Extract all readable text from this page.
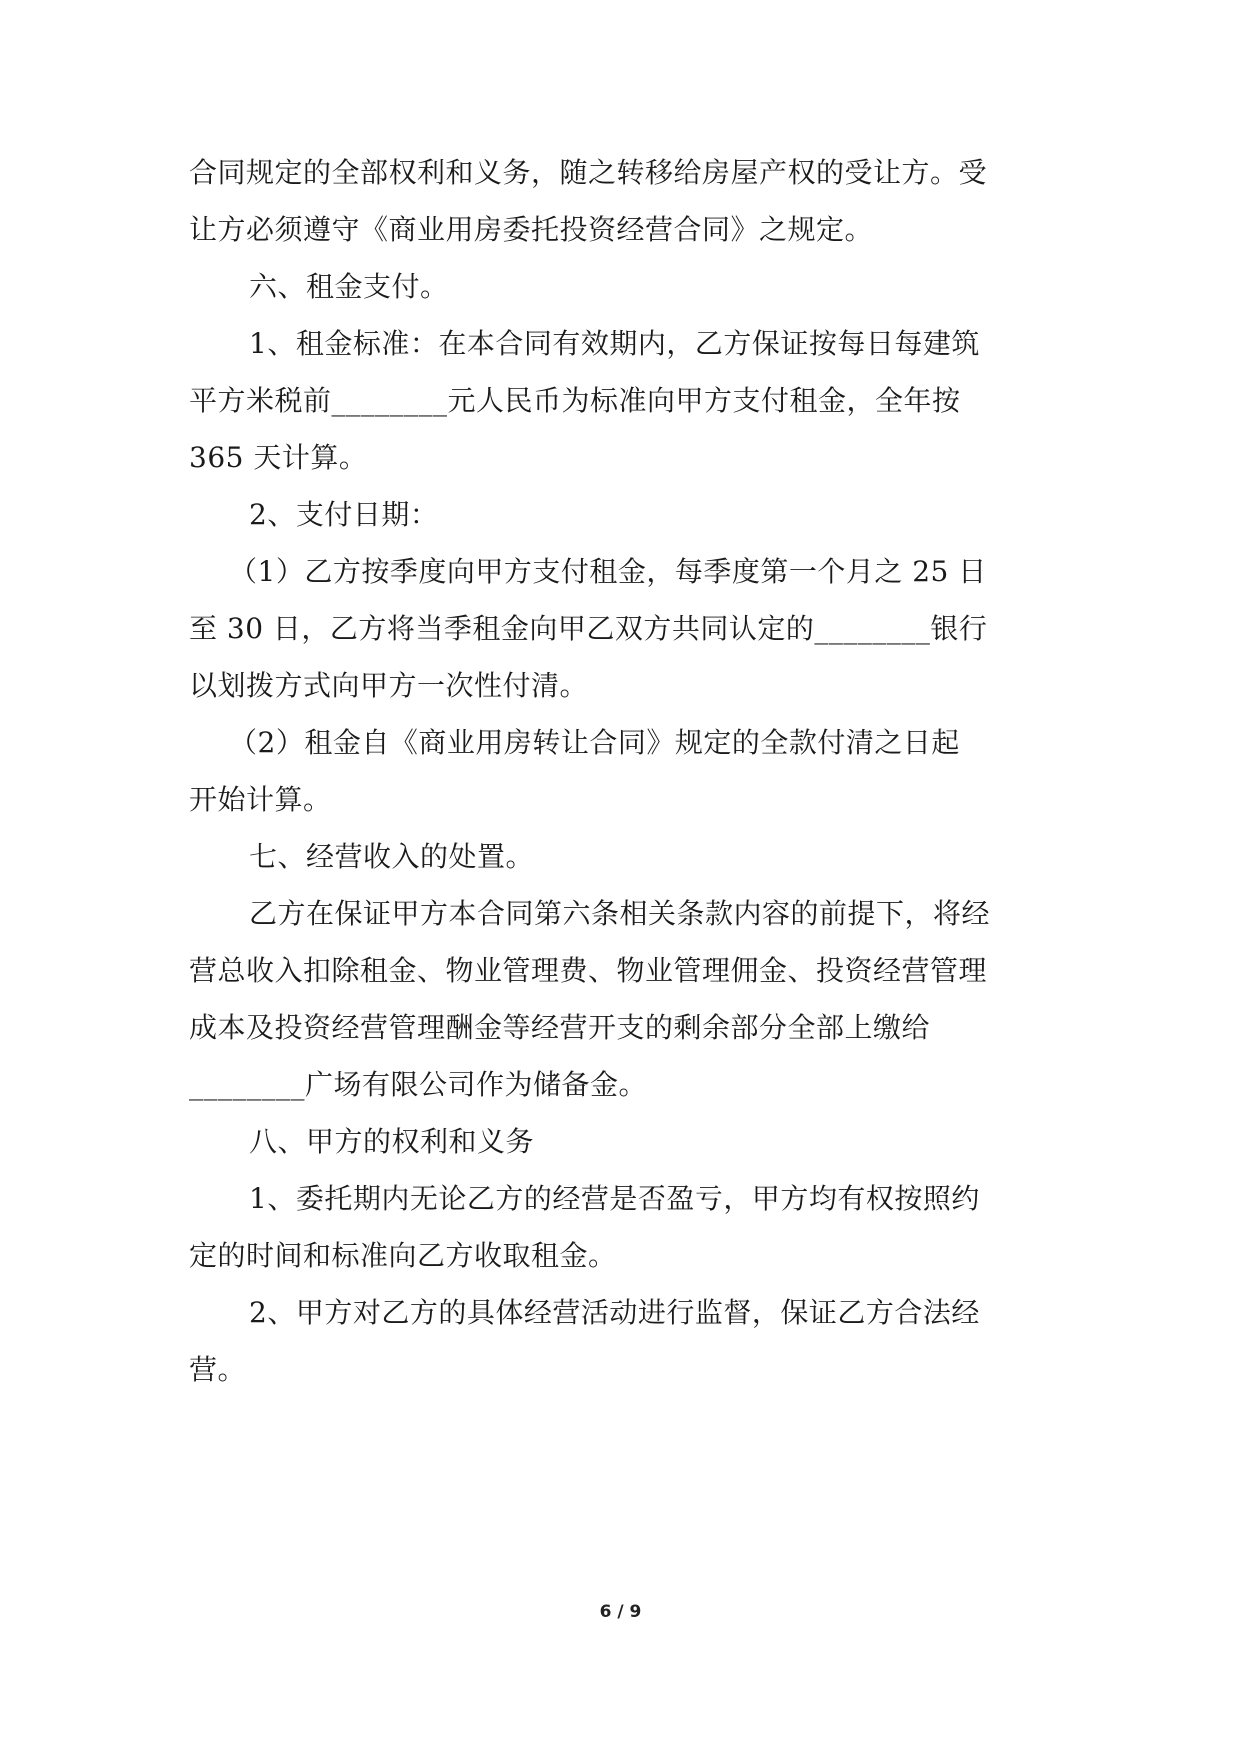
合同规定的全部权利和义务，随之转移给房屋产权的受让方。受
让方必须遵守《商业用房委托投资经营合同》之规定。
六、租金支付。
1、租金标准：在本合同有效期内，乙方保证按每日每建筑
平方米税前________元人民币为标准向甲方支付租金，全年按
365 天计算。
2、支付日期：
（1）乙方按季度向甲方支付租金，每季度第一个月之 25 日
至 30 日，乙方将当季租金向甲乙双方共同认定的________银行
以划拨方式向甲方一次性付清。
（2）租金自《商业用房转让合同》规定的全款付清之日起
开始计算。
七、经营收入的处置。
乙方在保证甲方本合同第六条相关条款内容的前提下，将经
营总收入扣除租金、物业管理费、物业管理佣金、投资经营管理
成本及投资经营管理酬金等经营开支的剩余部分全部上缴给
________广场有限公司作为储备金。
八、甲方的权利和义务
1、委托期内无论乙方的经营是否盈亏，甲方均有权按照约
定的时间和标准向乙方收取租金。
2、甲方对乙方的具体经营活动进行监督，保证乙方合法经
营。
6 / 9
